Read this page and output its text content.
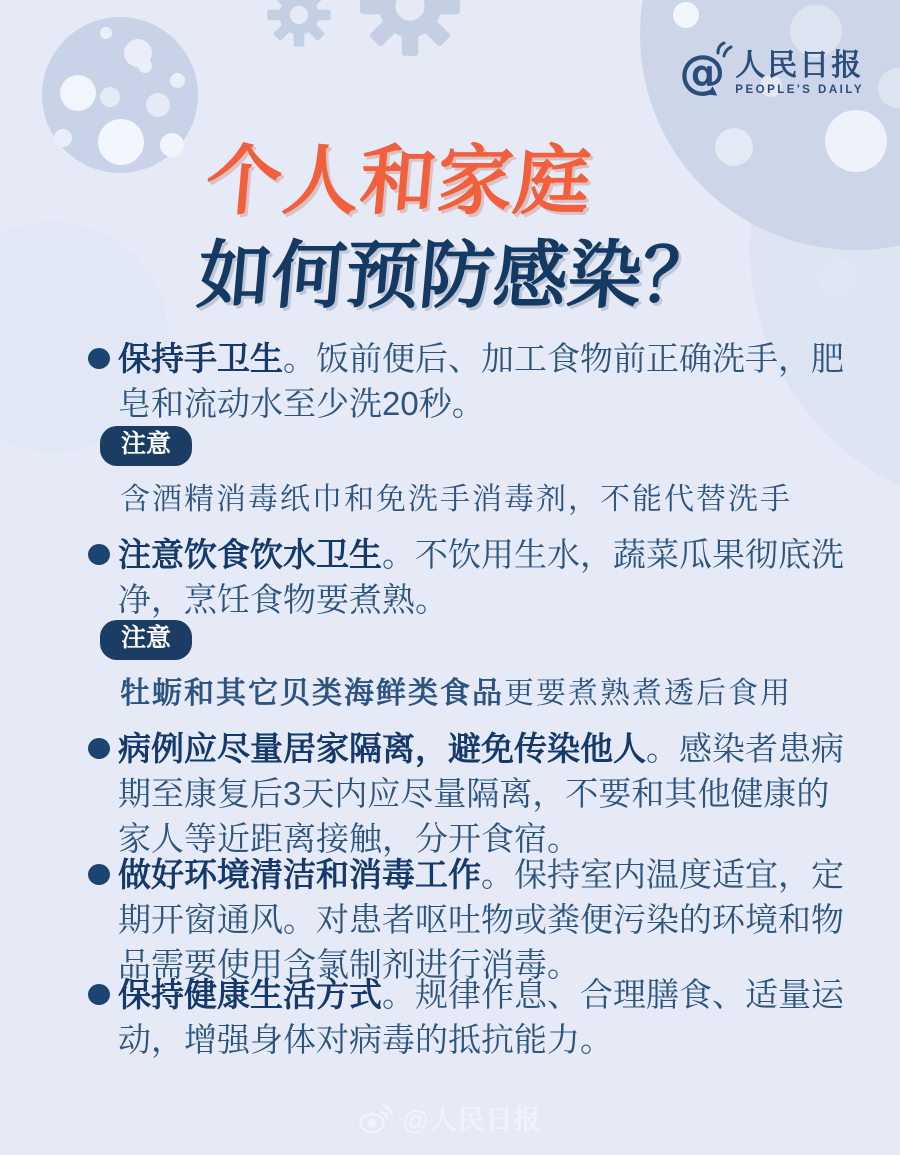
@ 人民日报
PEOPLE'S DAILY
个人和家庭
如何预防感染？
保持手卫生。饭前便后、加工食物前正确洗手，肥皂和流动水至少洗20秒。
注意
含酒精消毒纸巾和免洗手消毒剂，不能代替洗手
注意饮食饮水卫生。不饮用生水，蔬菜瓜果彻底洗净，烹饪食物要煮熟。
注意
牡蛎和其它贝类海鲜类食品更要煮熟煮透后食用
病例应尽量居家隔离，避免传染他人。感染者患病期至康复后3天内应尽量隔离，不要和其他健康的家人等近距离接触，分开食宿。
做好环境清洁和消毒工作。保持室内温度适宜，定期开窗通风。对患者呕吐物或粪便污染的环境和物品需要使用含氯制剂进行消毒。
保持健康生活方式。规律作息、合理膳食、适量运动，增强身体对病毒的抵抗能力。
@人民日报
